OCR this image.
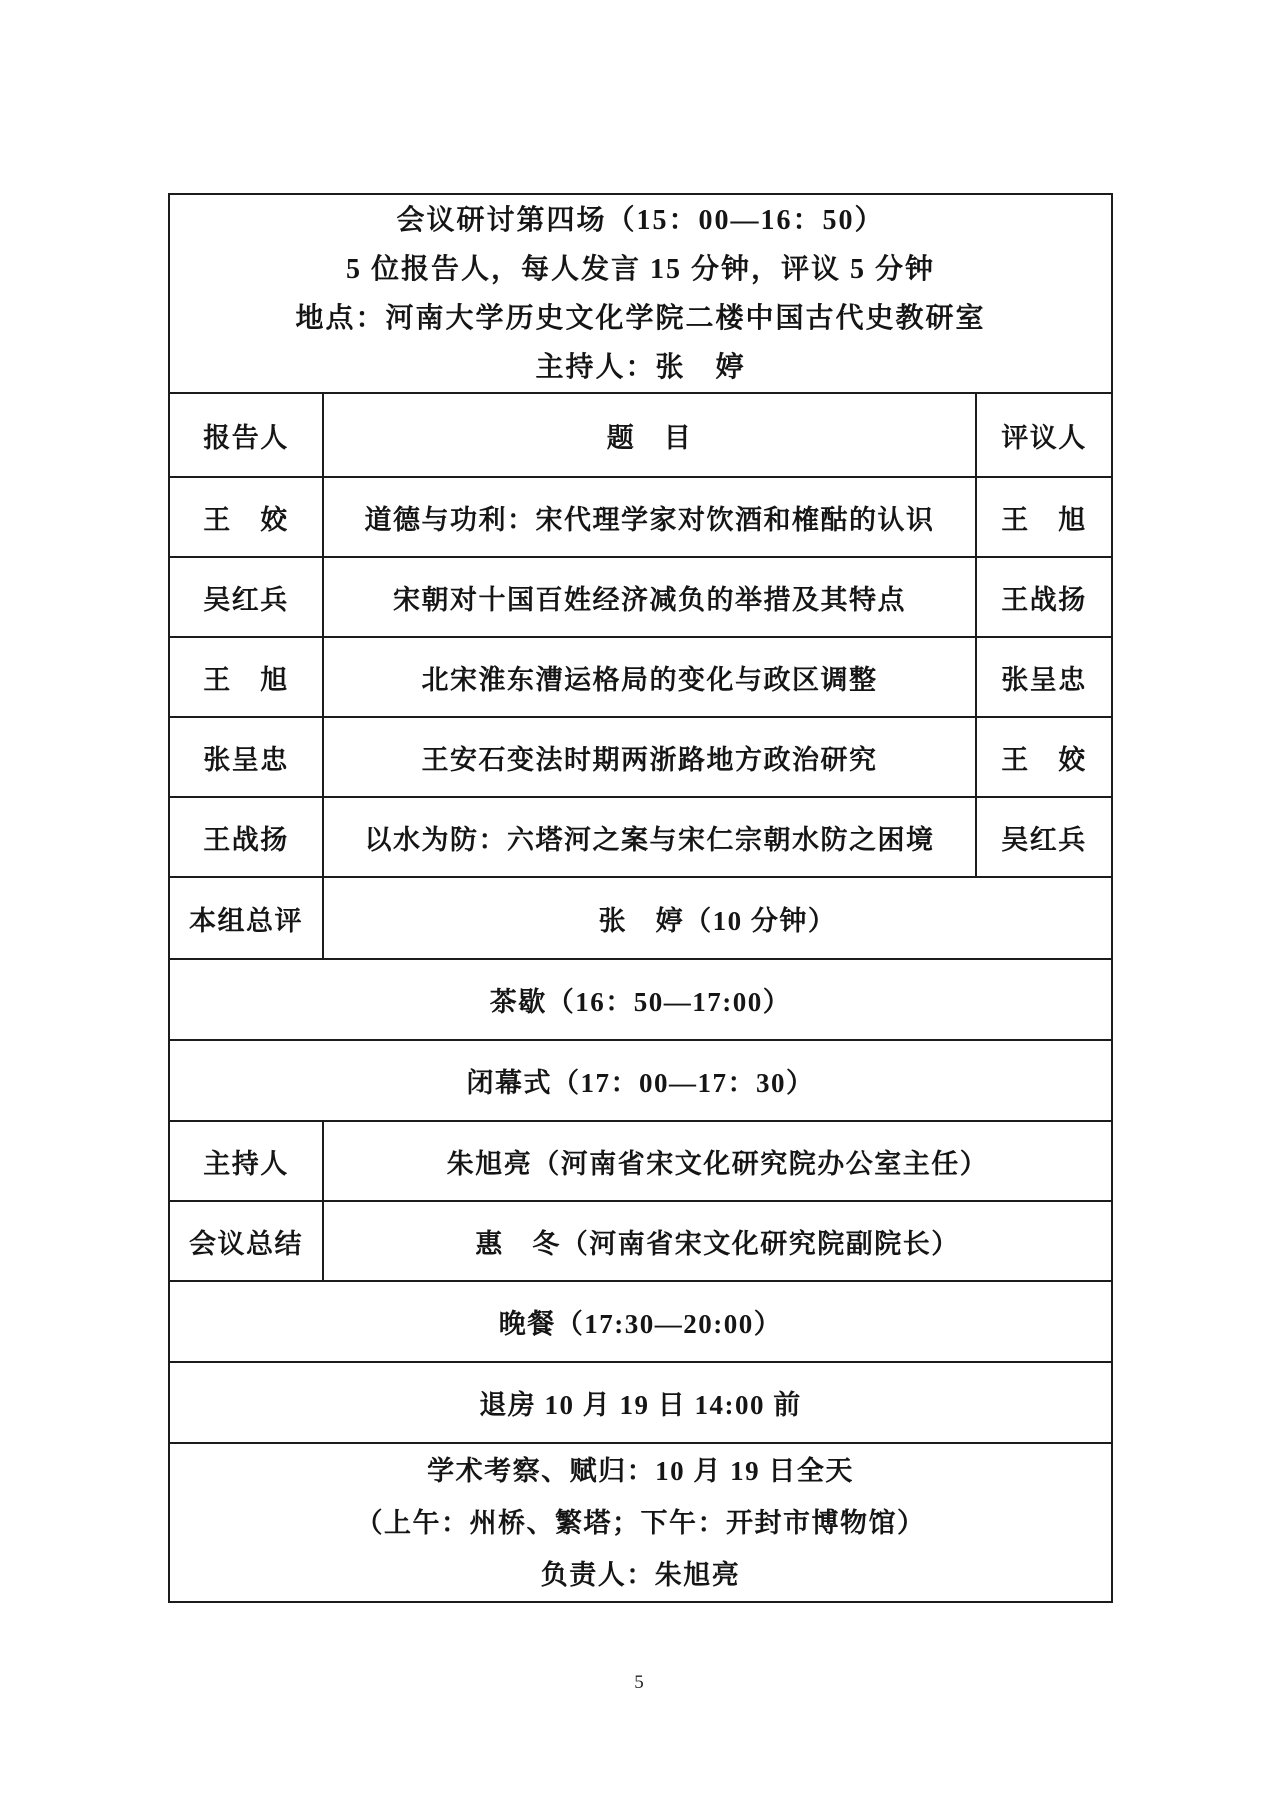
会议研讨第四场（15：00—16：50）
5 位报告人，每人发言 15 分钟，评议 5 分钟
地点：河南大学历史文化学院二楼中国古代史教研室
主持人：张　婷		

报告人	题　目	评议人
王　姣	道德与功利：宋代理学家对饮酒和榷酤的认识	王　旭
吴红兵	宋朝对十国百姓经济减负的举措及其特点	王战扬
王　旭	北宋淮东漕运格局的变化与政区调整	张呈忠
张呈忠	王安石变法时期两浙路地方政治研究	王　姣
王战扬	以水为防：六塔河之案与宋仁宗朝水防之困境	吴红兵
本组总评	张　婷（10 分钟）	
茶歇（16：50—17:00）		
闭幕式（17：00—17：30）		
主持人	朱旭亮（河南省宋文化研究院办公室主任）	
会议总结	惠　冬（河南省宋文化研究院副院长）	
晚餐（17:30—20:00）		
退房 10 月 19 日 14:00 前		

学术考察、赋归：10 月 19 日全天
（上午：州桥、繁塔；下午：开封市博物馆）
负责人：朱旭亮		
5
